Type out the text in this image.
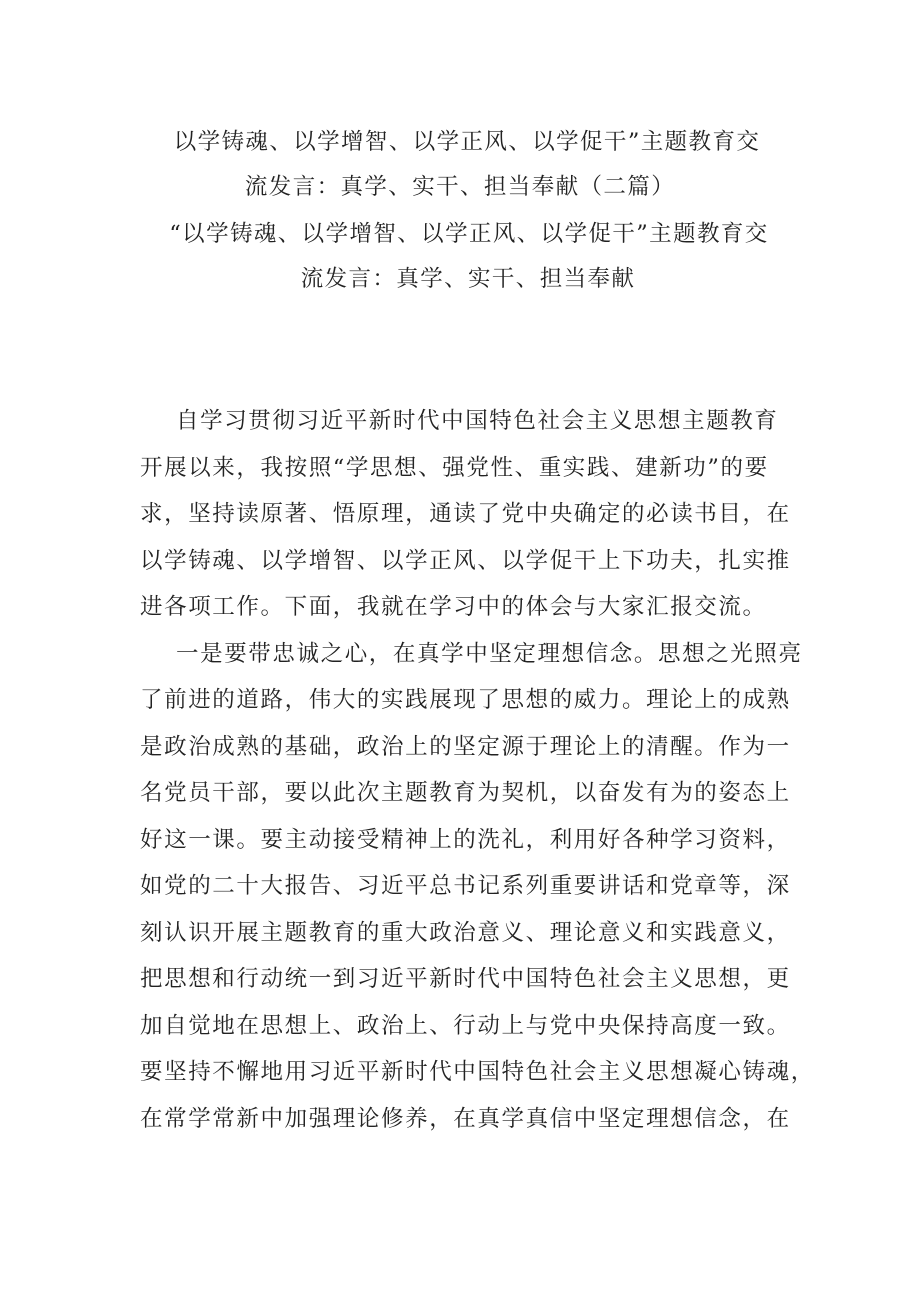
以学铸魂、以学增智、以学正风、以学促干”主题教育交
流发言：真学、实干、担当奉献（二篇）
“以学铸魂、以学增智、以学正风、以学促干”主题教育交
流发言：真学、实干、担当奉献
自学习贯彻习近平新时代中国特色社会主义思想主题教育
开展以来，我按照“学思想、强党性、重实践、建新功”的要
求，坚持读原著、悟原理，通读了党中央确定的必读书目，在
以学铸魂、以学增智、以学正风、以学促干上下功夫，扎实推
进各项工作。下面，我就在学习中的体会与大家汇报交流。
一是要带忠诚之心，在真学中坚定理想信念。思想之光照亮
了前进的道路，伟大的实践展现了思想的威力。理论上的成熟
是政治成熟的基础，政治上的坚定源于理论上的清醒。作为一
名党员干部，要以此次主题教育为契机，以奋发有为的姿态上
好这一课。要主动接受精神上的洗礼，利用好各种学习资料，
如党的二十大报告、习近平总书记系列重要讲话和党章等，深
刻认识开展主题教育的重大政治意义、理论意义和实践意义，
把思想和行动统一到习近平新时代中国特色社会主义思想，更
加自觉地在思想上、政治上、行动上与党中央保持高度一致。
要坚持不懈地用习近平新时代中国特色社会主义思想凝心铸魂，
在常学常新中加强理论修养，在真学真信中坚定理想信念，在
